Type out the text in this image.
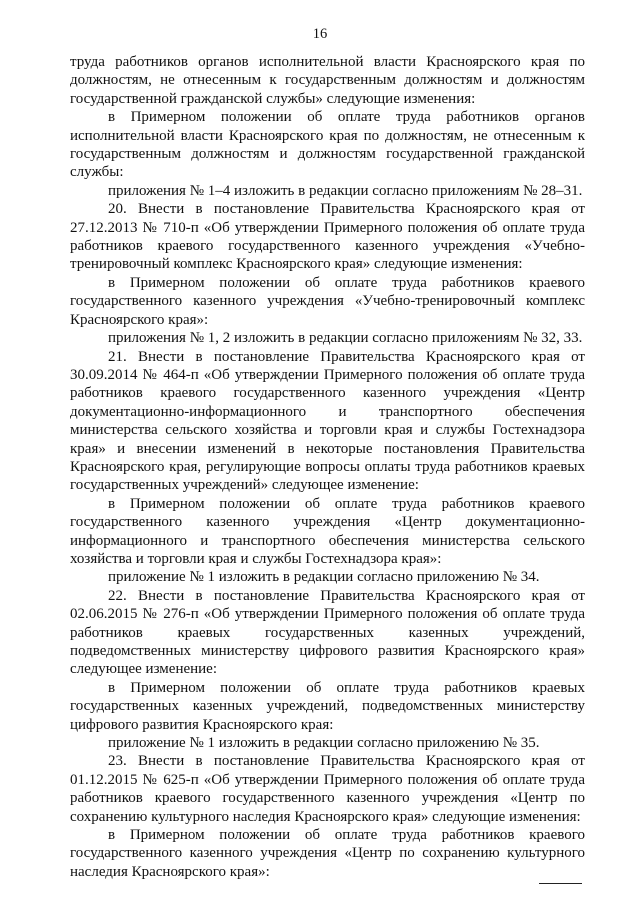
16

труда работников органов исполнительной власти Красноярского края по должностям, не отнесенным к государственным должностям и должностям государственной гражданской службы» следующие изменения:

в Примерном положении об оплате труда работников органов исполнительной власти Красноярского края по должностям, не отнесенным к государственным должностям и должностям государственной гражданской службы:

приложения № 1–4 изложить в редакции согласно приложениям № 28–31.

20. Внести в постановление Правительства Красноярского края от 27.12.2013 № 710-п «Об утверждении Примерного положения об оплате труда работников краевого государственного казенного учреждения «Учебно-тренировочный комплекс Красноярского края» следующие изменения:

в Примерном положении об оплате труда работников краевого государственного казенного учреждения «Учебно-тренировочный комплекс Красноярского края»:

приложения № 1, 2 изложить в редакции согласно приложениям № 32, 33.

21. Внести в постановление Правительства Красноярского края от 30.09.2014 № 464-п «Об утверждении Примерного положения об оплате труда работников краевого государственного казенного учреждения «Центр документационно-информационного и транспортного обеспечения министерства сельского хозяйства и торговли края и службы Гостехнадзора края» и внесении изменений в некоторые постановления Правительства Красноярского края, регулирующие вопросы оплаты труда работников краевых государственных учреждений» следующее изменение:

в Примерном положении об оплате труда работников краевого государственного казенного учреждения «Центр документационно-информационного и транспортного обеспечения министерства сельского хозяйства и торговли края и службы Гостехнадзора края»:

приложение № 1 изложить в редакции согласно приложению № 34.

22. Внести в постановление Правительства Красноярского края от 02.06.2015 № 276-п «Об утверждении Примерного положения об оплате труда работников краевых государственных казенных учреждений, подведомственных министерству цифрового развития Красноярского края» следующее изменение:

в Примерном положении об оплате труда работников краевых государственных казенных учреждений, подведомственных министерству цифрового развития Красноярского края:

приложение № 1 изложить в редакции согласно приложению № 35.

23. Внести в постановление Правительства Красноярского края от 01.12.2015 № 625-п «Об утверждении Примерного положения об оплате труда работников краевого государственного казенного учреждения «Центр по сохранению культурного наследия Красноярского края» следующие изменения:

в Примерном положении об оплате труда работников краевого государственного казенного учреждения «Центр по сохранению культурного наследия Красноярского края»:
